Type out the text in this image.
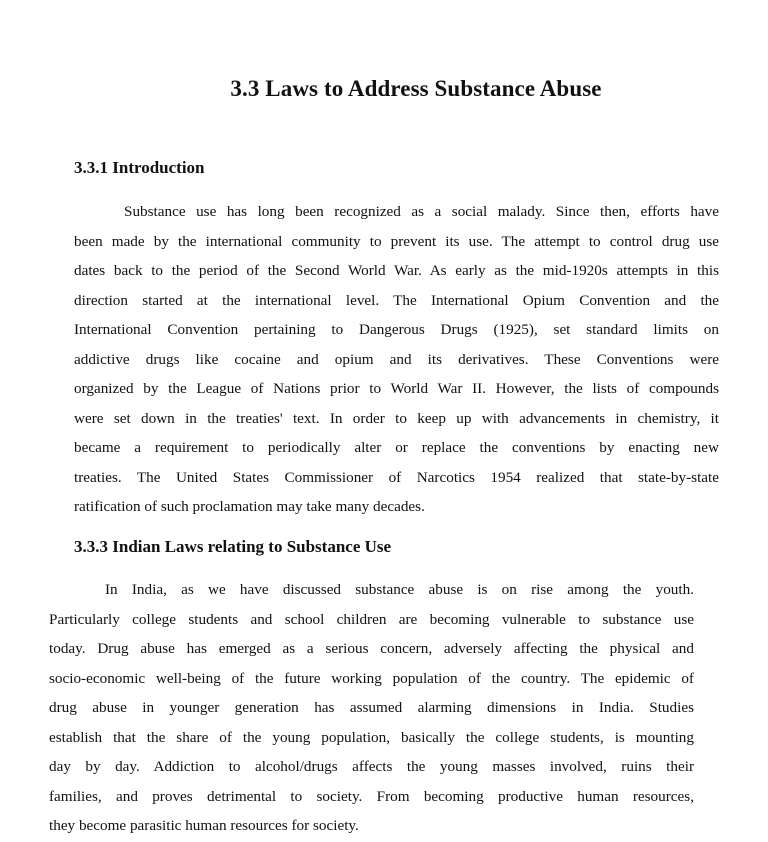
3.3 Laws to Address Substance Abuse
3.3.1 Introduction
Substance use has long been recognized as a social malady. Since then, efforts have
been made by the international community to prevent its use. The attempt to control drug use
dates back to the period of the Second World War. As early as the mid-1920s attempts in this
direction started at the international level. The International Opium Convention and the
International Convention pertaining to Dangerous Drugs (1925), set standard limits on
addictive drugs like cocaine and opium and its derivatives. These Conventions were
organized by the League of Nations prior to World War II. However, the lists of compounds
were set down in the treaties' text. In order to keep up with advancements in chemistry, it
became a requirement to periodically alter or replace the conventions by enacting new
treaties. The United States Commissioner of Narcotics 1954 realized that state-by-state
ratification of such proclamation may take many decades.
3.3.3 Indian Laws relating to Substance Use
In India, as we have discussed substance abuse is on rise among the youth.
Particularly college students and school children are becoming vulnerable to substance use
today. Drug abuse has emerged as a serious concern, adversely affecting the physical and
socio-economic well-being of the future working population of the country. The epidemic of
drug abuse in younger generation has assumed alarming dimensions in India. Studies
establish that the share of the young population, basically the college students, is mounting
day by day. Addiction to alcohol/drugs affects the young masses involved, ruins their
families, and proves detrimental to society. From becoming productive human resources,
they become parasitic human resources for society.
